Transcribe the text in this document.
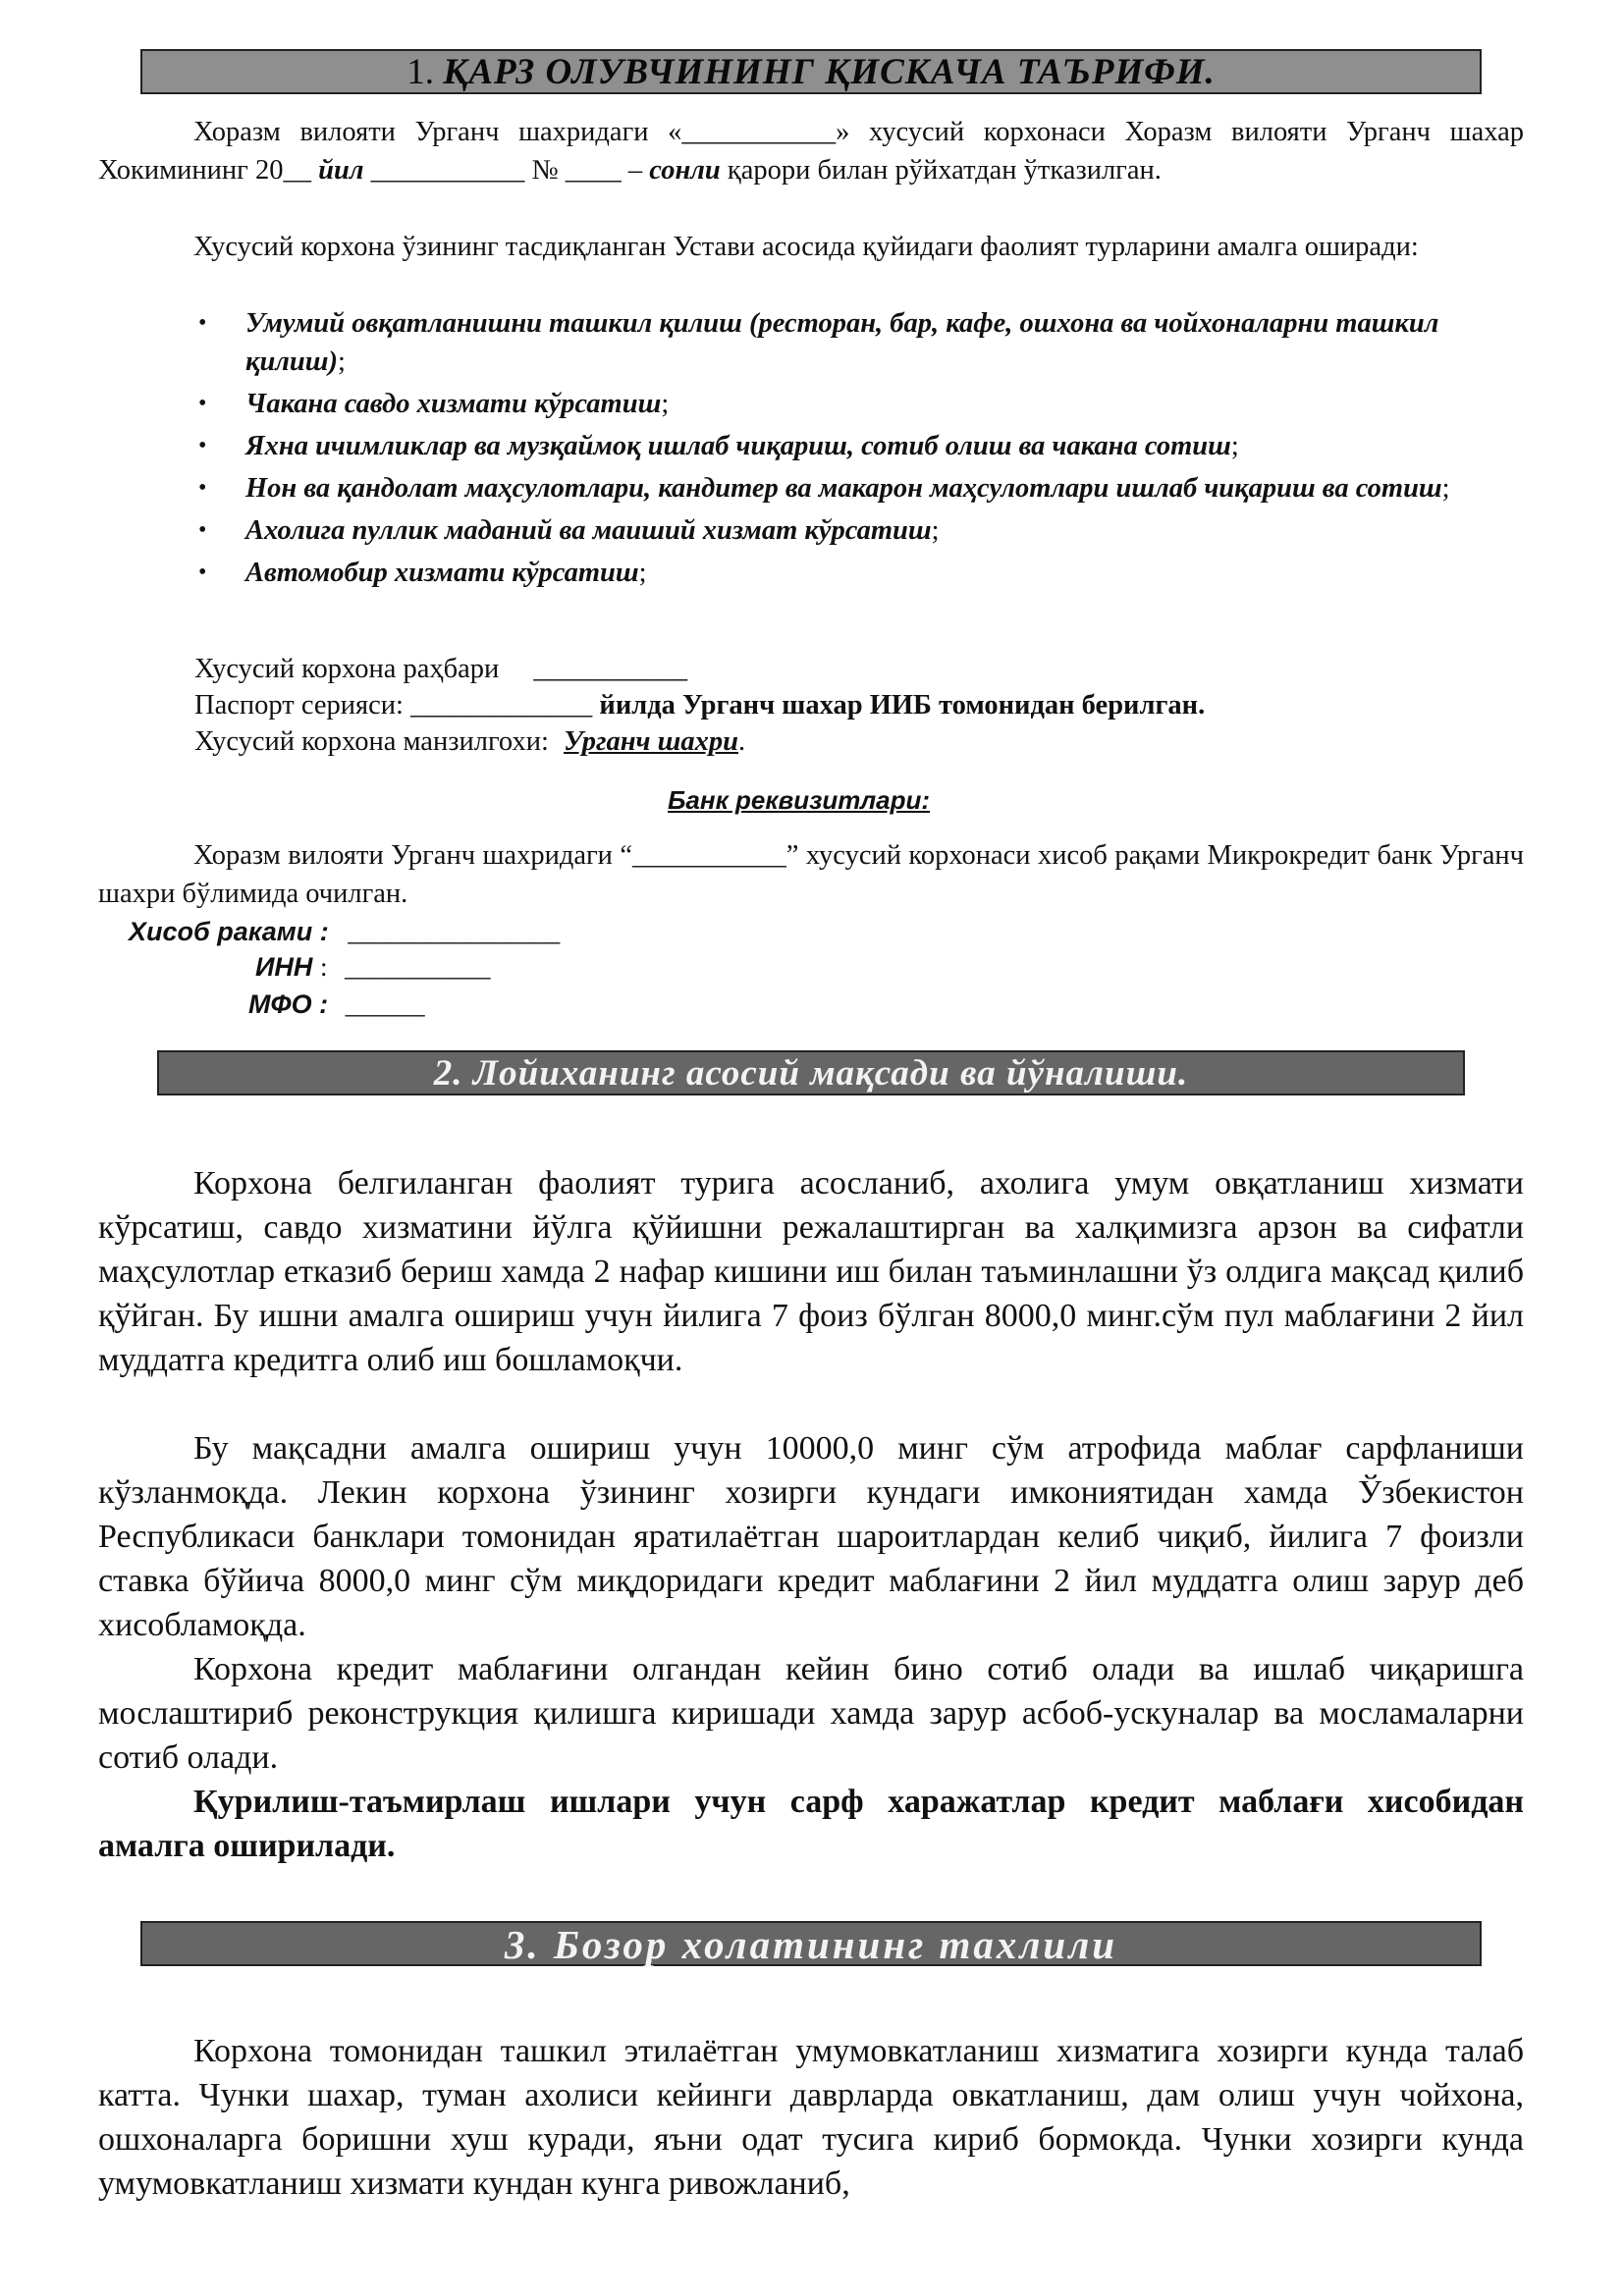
1. ҚАРЗ ОЛУВЧИНИНГ ҚИСКАЧА ТАЪРИФИ.
Хоразм вилояти Урганч шахридаги «___________» хусусий корхонаси Хоразм вилояти Урганч шахар Хокимининг 20__ йил ___________ № ____ – сонли қарори билан рўйхатдан ўтказилган.
Хусусий корхона ўзининг тасдиқланган Устави асосида қуйидаги фаолият турларини амалга оширади:
• Умумий овқатланишни ташкил қилиш (ресторан, бар, кафе, ошхона ва чойхоналарни ташкил қилиш);
• Чакана савдо хизмати кўрсатиш;
• Яхна ичимликлар ва музқаймоқ ишлаб чиқариш, сотиб олиш ва чакана сотиш;
• Нон ва қандолат маҳсулотлари, кандитер ва макарон маҳсулотлари ишлаб чиқариш ва сотиш;
• Ахолига пуллик маданий ва маиший хизмат кўрсатиш;
• Автомобир хизмати кўрсатиш;
Хусусий корхона раҳбари ___________
Паспорт серияси: _____________ йилда Урганч шахар ИИБ томонидан берилган.
Хусусий корхона манзилгохи: Урганч шахри.
Банк реквизитлари:
Хоразм вилояти Урганч шахридаги “___________” хусусий корхонаси хисоб рақами Микрокредит банк Урганч шахри бўлимида очилган.
Хисоб раками : ________________
ИНН : ___________
МФО : ______
2. Лойиханинг асосий мақсади ва йўналиши.
Корхона белгиланган фаолият турига асосланиб, ахолига умум овқатланиш хизмати кўрсатиш, савдо хизматини йўлга қўйишни режалаштирган ва халқимизга арзон ва сифатли маҳсулотлар етказиб бериш хамда 2 нафар кишини иш билан таъминлашни ўз олдига мақсад қилиб қўйган. Бу ишни амалга ошириш учун йилига 7 фоиз бўлган 8000,0 минг.сўм пул маблағини 2 йил муддатга кредитга олиб иш бошламоқчи.
Бу мақсадни амалга ошириш учун 10000,0 минг сўм атрофида маблағ сарфланиши кўзланмоқда. Лекин корхона ўзининг хозирги кундаги имкониятидан хамда Ўзбекистон Республикаси банклари томонидан яратилаётган шароитлардан келиб чиқиб, йилига 7 фоизли ставка бўйича 8000,0 минг сўм миқдоридаги кредит маблағини 2 йил муддатга олиш зарур деб хисобламоқда.
Корхона кредит маблағини олгандан кейин бино сотиб олади ва ишлаб чиқаришга мослаштириб реконструкция қилишга киришади хамда зарур асбоб-ускуналар ва мосламаларни сотиб олади.
Қурилиш-таъмирлаш ишлари учун сарф харажатлар кредит маблағи хисобидан амалга оширилади.
3. Бозор холатининг тахлили
Корхона томонидан ташкил этилаётган умумовкатланиш хизматига хозирги кунда талаб катта. Чунки шахар, туман ахолиси кейинги даврларда овкатланиш, дам олиш учун чойхона, ошхоналарга боришни хуш куради, яъни одат тусига кириб бормокда. Чунки хозирги кунда умумовкатланиш хизмати кундан кунга ривожланиб,
